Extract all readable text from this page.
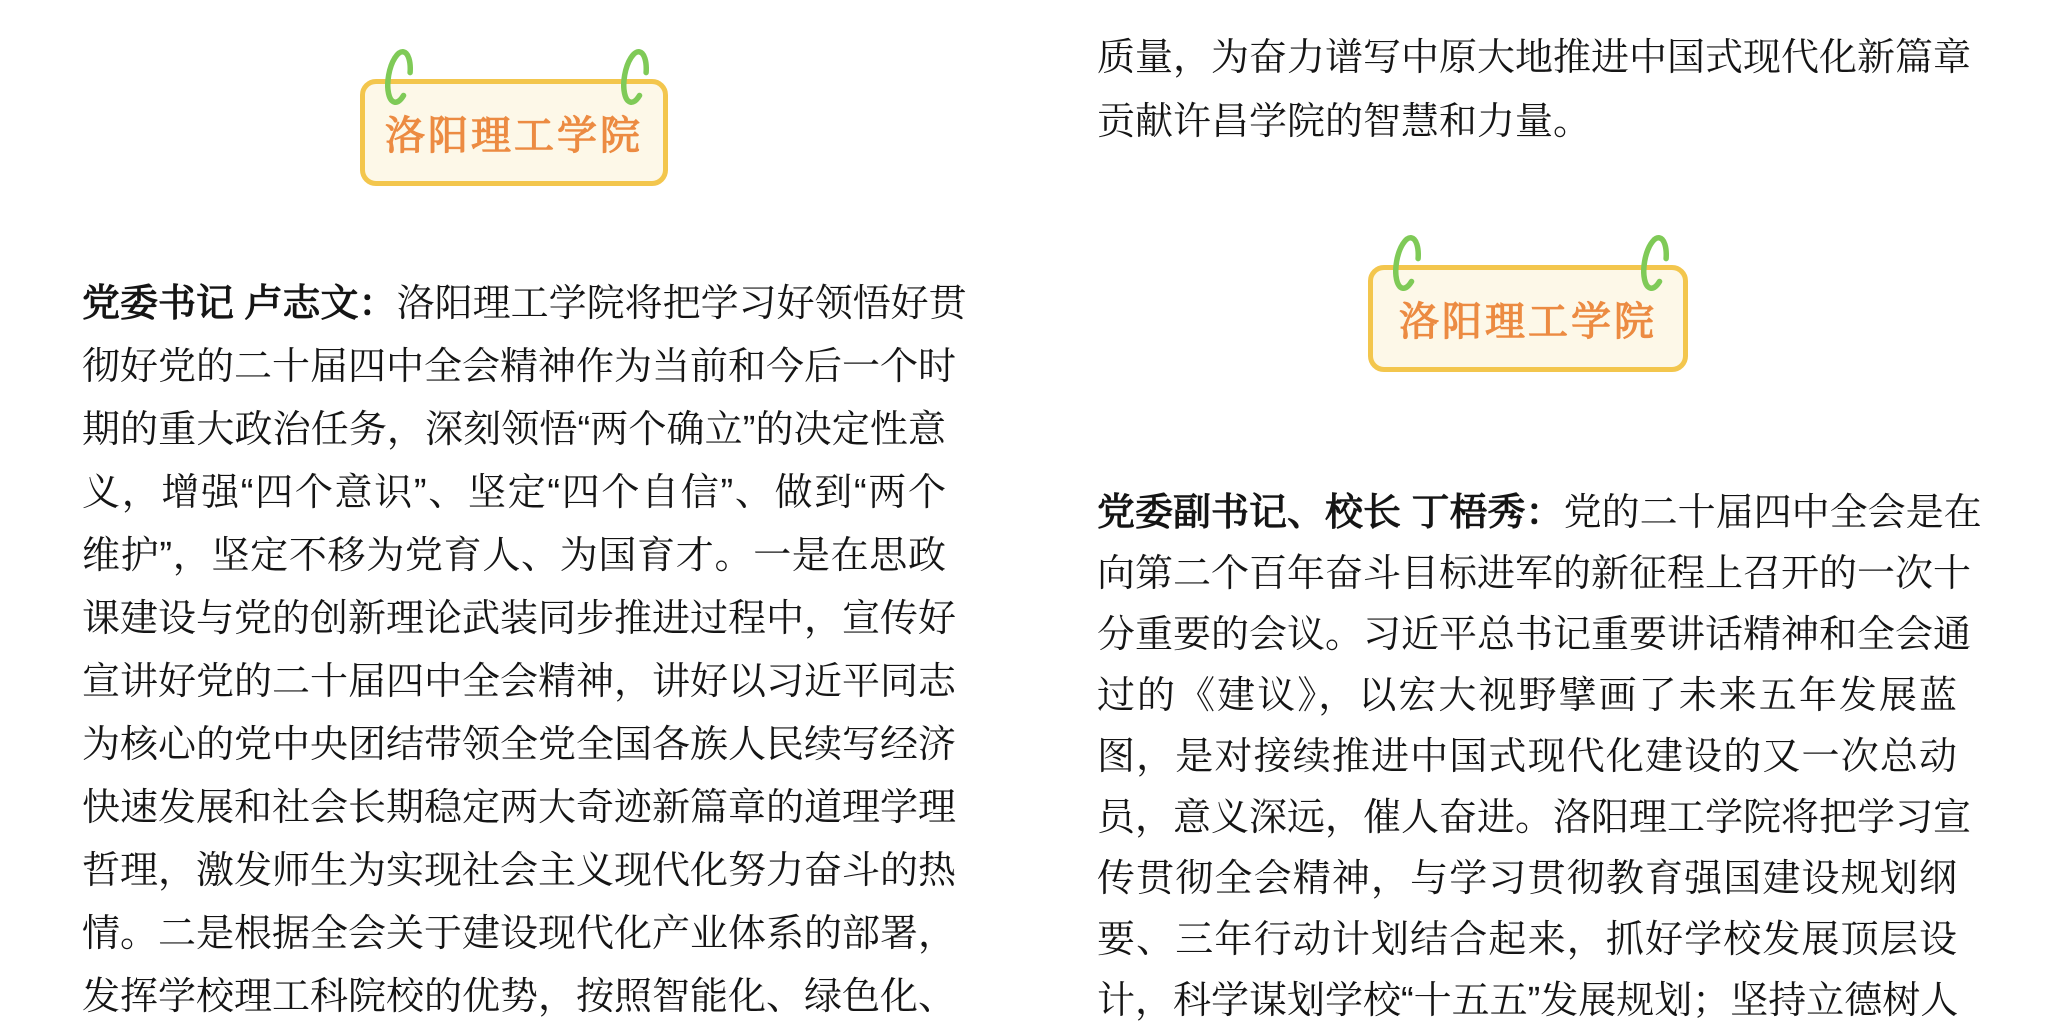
洛阳理工学院
党委书记 卢志文：洛阳理工学院将把学习好领悟好贯
彻好党的二十届四中全会精神作为当前和今后一个时
期的重大政治任务，深刻领悟“两个确立”的决定性意
义，增强“四个意识”、坚定“四个自信”、做到“两个
维护”，坚定不移为党育人、为国育才。一是在思政
课建设与党的创新理论武装同步推进过程中，宣传好
宣讲好党的二十届四中全会精神，讲好以习近平同志
为核心的党中央团结带领全党全国各族人民续写经济
快速发展和社会长期稳定两大奇迹新篇章的道理学理
哲理，激发师生为实现社会主义现代化努力奋斗的热
情。二是根据全会关于建设现代化产业体系的部署，
发挥学校理工科院校的优势，按照智能化、绿色化、
质量，为奋力谱写中原大地推进中国式现代化新篇章
贡献许昌学院的智慧和力量。
洛阳理工学院
党委副书记、校长 丁梧秀：党的二十届四中全会是在
向第二个百年奋斗目标进军的新征程上召开的一次十
分重要的会议。习近平总书记重要讲话精神和全会通
过的《建议》，以宏大视野擘画了未来五年发展蓝
图，是对接续推进中国式现代化建设的又一次总动
员，意义深远，催人奋进。洛阳理工学院将把学习宣
传贯彻全会精神，与学习贯彻教育强国建设规划纲
要、三年行动计划结合起来，抓好学校发展顶层设
计，科学谋划学校“十五五”发展规划；坚持立德树人
